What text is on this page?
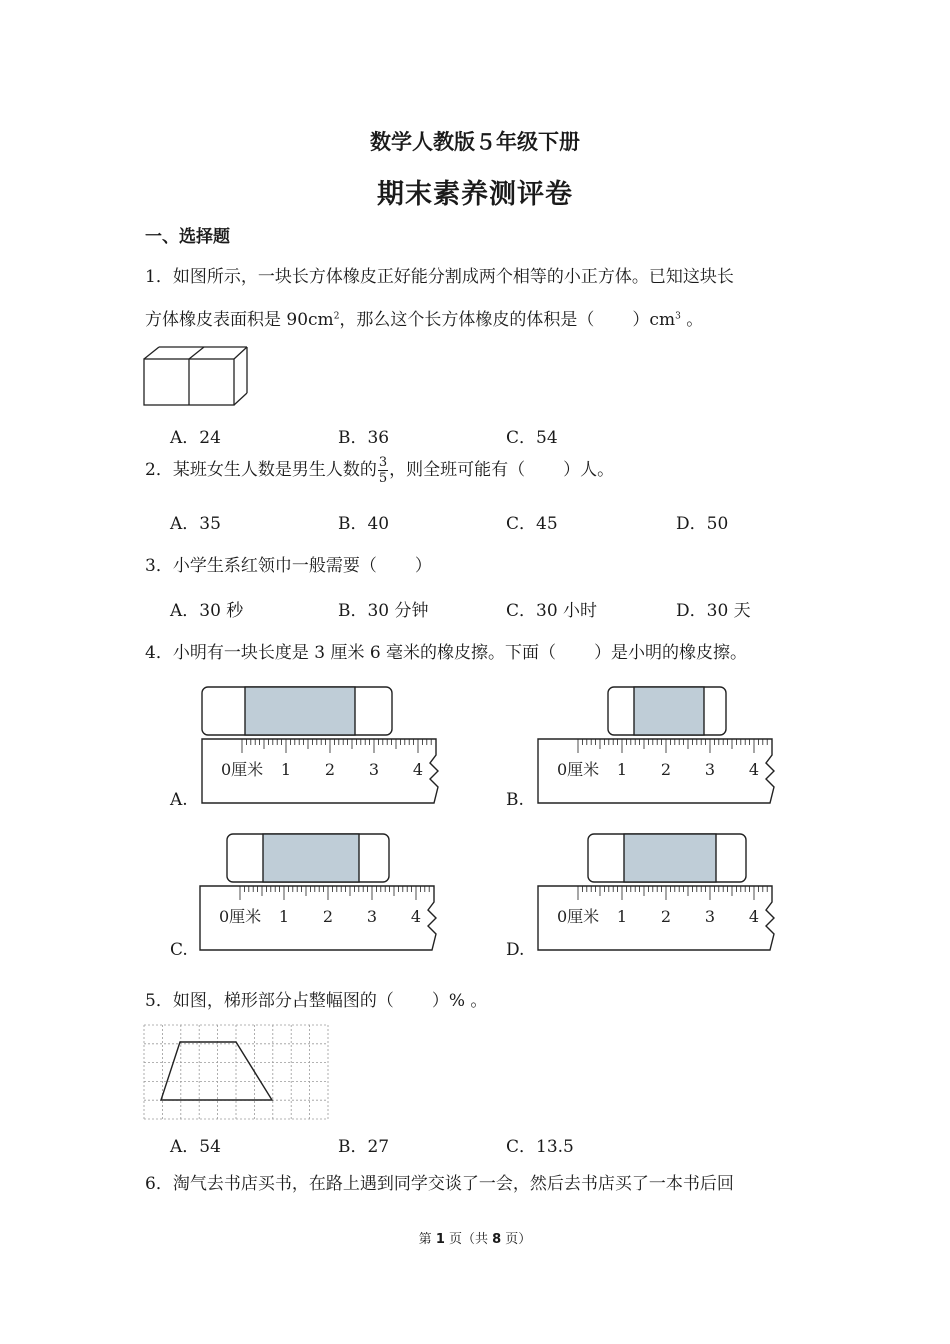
数学人教版５年级下册
期末素养测评卷
一、选择题
1．如图所示，一块长方体橡皮正好能分割成两个相等的小正方体。已知这块长
方体橡皮表面积是 $90cm^2$，那么这个长方体橡皮的体积是（ ）$cm^3$ 。
A．24	B．36	C．54
2．某班女生人数是男生人数的 $\frac{3}{5}$ ，则全班可能有（ ）人。
A．35	B．40	C．45	D．50
3．小学生系红领巾一般需要（ ）
A．30 秒	B．30 分钟	C．30 小时	D．30 天
4．小明有一块长度是 3 厘米 6 毫米的橡皮擦。下面（ ）是小明的橡皮擦。
A.	B.
C.	D.
0厘米 1 2 3 4	0厘米 1 2 3 4
0厘米 1 2 3 4	0厘米 1 2 3 4
5．如图，梯形部分占整幅图的（ ）% 。
A．54	B．27	C．13.5
6．淘气去书店买书，在路上遇到同学交谈了一会，然后去书店买了一本书后回
第 1 页（共 8 页）
